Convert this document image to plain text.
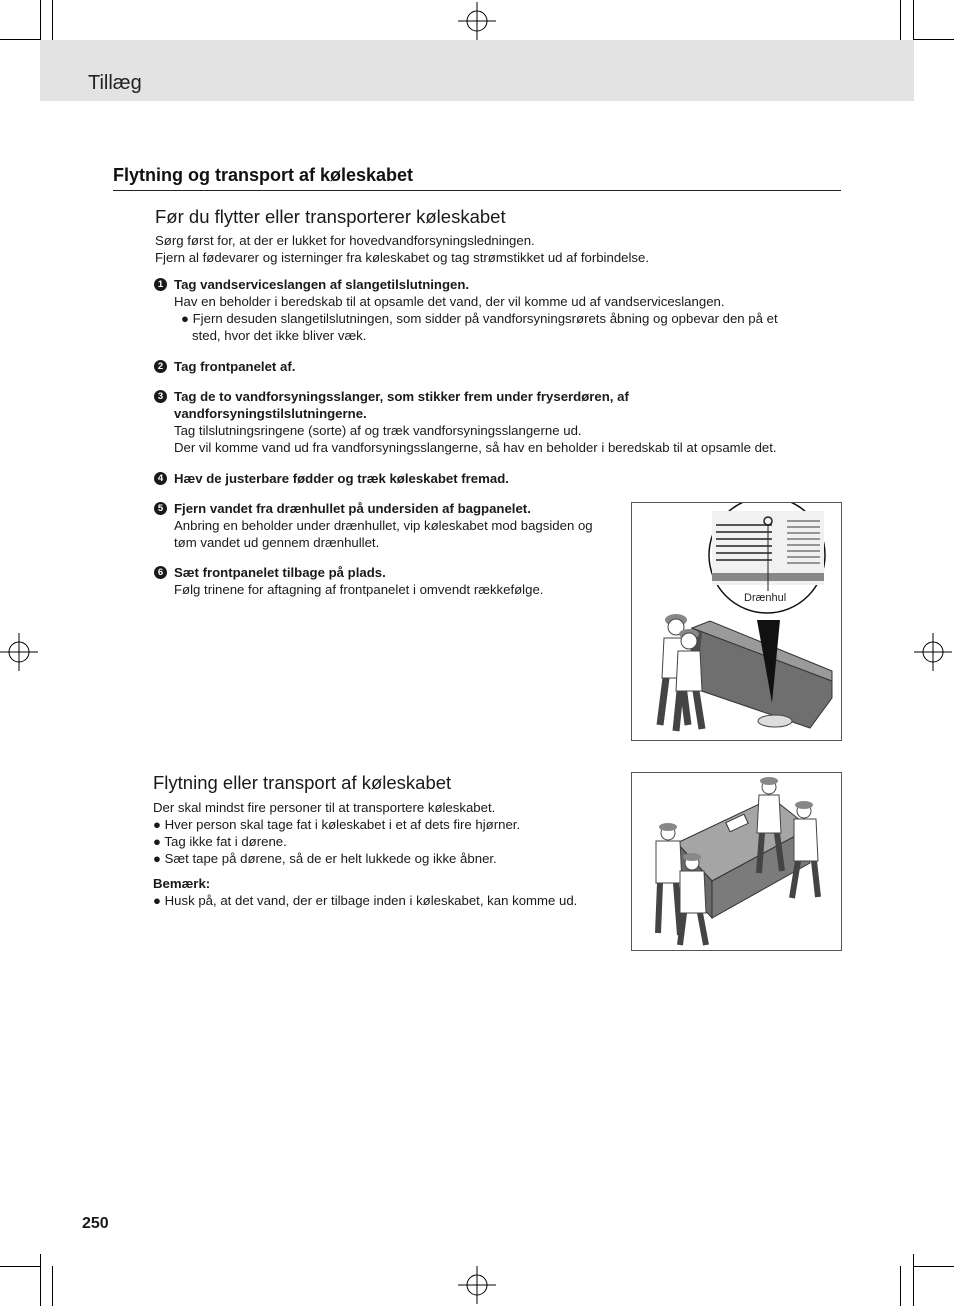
Tillæg
Flytning og transport af køleskabet
Før du flytter eller transporterer køleskabet
Sørg først for, at der er lukket for hovedvandforsyningsledningen.
Fjern al fødevarer og isterninger fra køleskabet og tag strømstikket ud af forbindelse.
1 Tag vandserviceslangen af slangetilslutningen.
Hav en beholder i beredskab til at opsamle det vand, der vil komme ud af vandserviceslangen.
● Fjern desuden slangetilslutningen, som sidder på vandforsyningsrørets åbning og opbevar den på et
sted, hvor det ikke bliver væk.
2 Tag frontpanelet af.
3 Tag de to vandforsyningsslanger, som stikker frem under fryserdøren, af
vandforsyningstilslutningerne.
Tag tilslutningsringene (sorte) af og træk vandforsyningsslangerne ud.
Der vil komme vand ud fra vandforsyningsslangerne, så hav en beholder i beredskab til at opsamle det.
4 Hæv de justerbare fødder og træk køleskabet fremad.
5 Fjern vandet fra drænhullet på undersiden af bagpanelet.
Anbring en beholder under drænhullet, vip køleskabet mod bagsiden og
tøm vandet ud gennem drænhullet.
6 Sæt frontpanelet tilbage på plads.
Følg trinene for aftagning af frontpanelet i omvendt rækkefølge.
Drænhul
Flytning eller transport af køleskabet
Der skal mindst fire personer til at transportere køleskabet.
● Hver person skal tage fat i køleskabet i et af dets fire hjørner.
● Tag ikke fat i dørene.
● Sæt tape på dørene, så de er helt lukkede og ikke åbner.
Bemærk:
● Husk på, at det vand, der er tilbage inden i køleskabet, kan komme ud.
250
